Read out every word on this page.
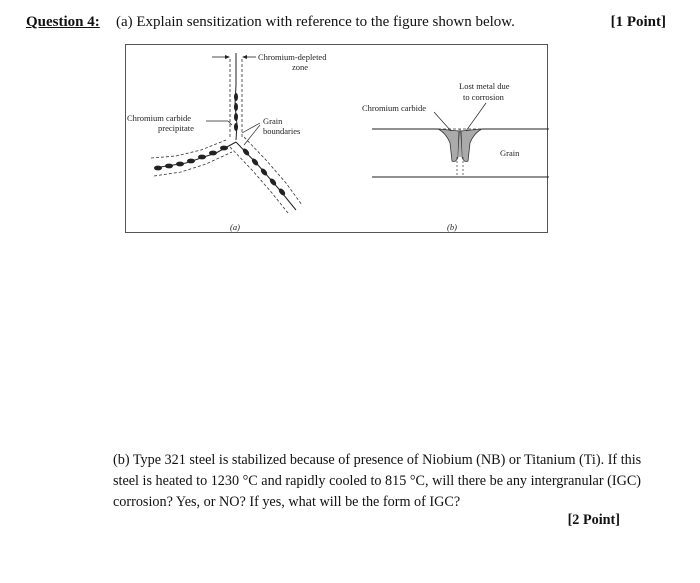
Question 4: (a) Explain sensitization with reference to the figure shown below.	[1 Point]
Chromium-depleted
zone
Chromium carbide
precipitate
Grain
boundaries
(a)
Chromium carbide
Lost metal due
to corrosion
Grain
(b)
(b) Type 321 steel is stabilized because of presence of Niobium (NB) or Titanium (Ti). If this steel is heated to 1230 °C and rapidly cooled to 815 °C, will there be any intergranular (IGC) corrosion? Yes, or NO? If yes, what will be the form of IGC?
[2 Point]
